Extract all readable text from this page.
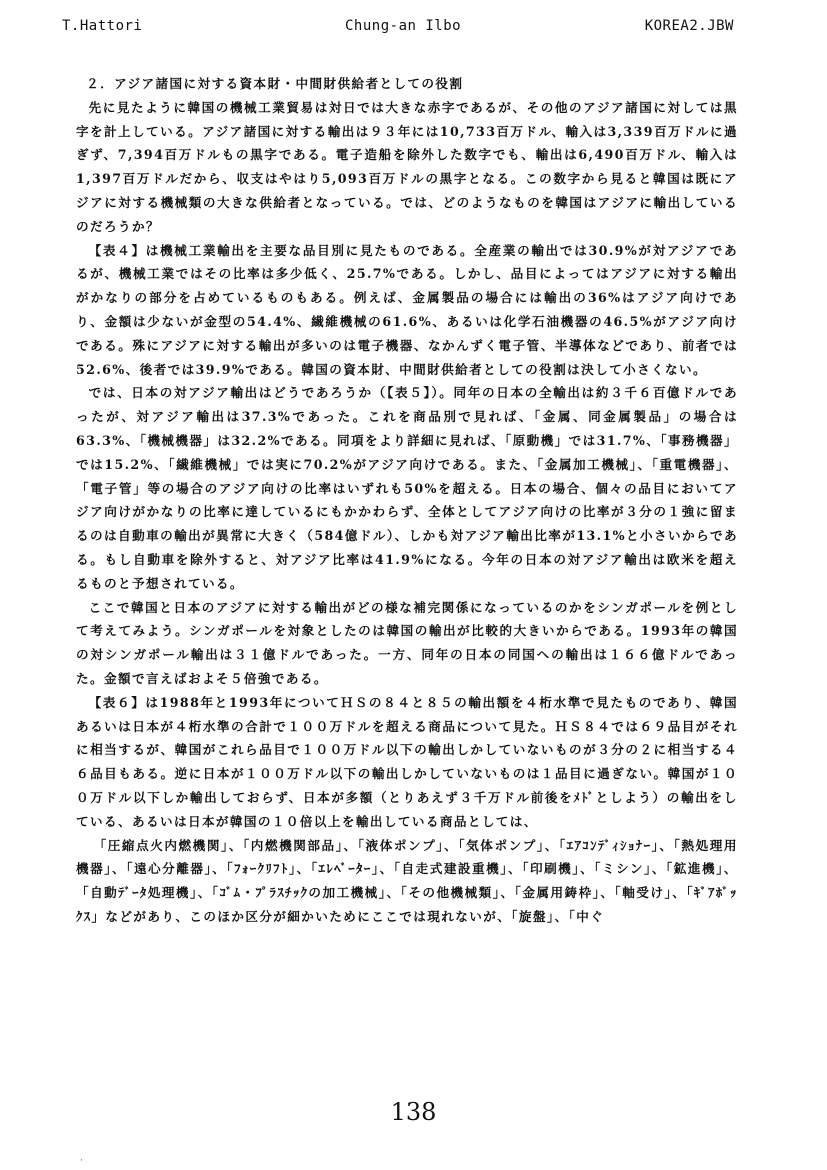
T.Hattori	Chung-an Ilbo	KOREA2.JBW

２．アジア諸国に対する資本財・中間財供給者としての役割

先に見たように韓国の機械工業貿易は対日では大きな赤字であるが、その他のアジア諸国に対しては黒字を計上している。アジア諸国に対する輸出は９３年には10,733百万ドル、輸入は3,339百万ドルに過ぎず、7,394百万ドルもの黒字である。電子造船を除外した数字でも、輸出は6,490百万ドル、輸入は1,397百万ドルだから、収支はやはり5,093百万ドルの黒字となる。この数字から見ると韓国は既にアジアに対する機械類の大きな供給者となっている。では、どのようなものを韓国はアジアに輸出しているのだろうか？

【表４】は機械工業輸出を主要な品目別に見たものである。全産業の輸出では30.9%が対アジアであるが、機械工業ではその比率は多少低く、25.7%である。しかし、品目によってはアジアに対する輸出がかなりの部分を占めているものもある。例えば、金属製品の場合には輸出の36%はアジア向けであり、金額は少ないが金型の54.4%、繊維機械の61.6%、あるいは化学石油機器の46.5%がアジア向けである。殊にアジアに対する輸出が多いのは電子機器、なかんずく電子管、半導体などであり、前者では52.6%、後者では39.9%である。韓国の資本財、中間財供給者としての役割は決して小さくない。

では、日本の対アジア輸出はどうであろうか（【表５】）。同年の日本の全輸出は約３千６百億ドルであったが、対アジア輸出は37.3%であった。これを商品別で見れば、「金属、同金属製品」の場合は63.3%、「機械機器」は32.2%である。同項をより詳細に見れば、「原動機」では31.7%、「事務機器」では15.2%、「繊維機械」では実に70.2%がアジア向けである。また、「金属加工機械」、「重電機器」、「電子管」等の場合のアジア向けの比率はいずれも50%を超える。日本の場合、個々の品目においてアジア向けがかなりの比率に達しているにもかかわらず、全体としてアジア向けの比率が３分の１強に留まるのは自動車の輸出が異常に大きく（584億ドル）、しかも対アジア輸出比率が13.1%と小さいからである。もし自動車を除外すると、対アジア比率は41.9%になる。今年の日本の対アジア輸出は欧米を超えるものと予想されている。

ここで韓国と日本のアジアに対する輸出がどの様な補完関係になっているのかをシンガポールを例として考えてみよう。シンガポールを対象としたのは韓国の輸出が比較的大きいからである。1993年の韓国の対シンガポール輸出は３１億ドルであった。一方、同年の日本の同国への輸出は１６６億ドルであった。金額で言えばおよそ５倍強である。

【表６】は1988年と1993年についてＨＳの８４と８５の輸出額を４桁水準で見たものであり、韓国あるいは日本が４桁水準の合計で１００万ドルを超える商品について見た。ＨＳ８４では６９品目がそれに相当するが、韓国がこれら品目で１００万ドル以下の輸出しかしていないものが３分の２に相当する４６品目もある。逆に日本が１００万ドル以下の輸出しかしていないものは１品目に過ぎない。韓国が１００万ドル以下しか輸出しておらず、日本が多額（とりあえず３千万ドル前後をﾒﾄﾞとしよう）の輸出をしている、あるいは日本が韓国の１０倍以上を輸出している商品としては、

「圧縮点火内燃機関」、「内燃機関部品」、「液体ポンプ」、「気体ポンプ」、「ｴｱｺﾝﾃﾞｨｼｮﾅｰ」、「熱処理用機器」、「遠心分離器」、「ﾌｫｰｸﾘﾌﾄ」、「ｴﾚﾍﾞｰﾀｰ」、「自走式建設重機」、「印刷機」、「ミシン」、「鉱進機」、「自動ﾃﾞｰﾀ処理機」、「ｺﾞﾑ・ﾌﾟﾗｽﾁｯｸの加工機械」、「その他機械類」、「金属用鋳枠」、「軸受け」、「ｷﾞｱﾎﾞｯｸｽ」などがあり、このほか区分が細かいためにここでは現れないが、「旋盤」、「中ぐ

138
·
